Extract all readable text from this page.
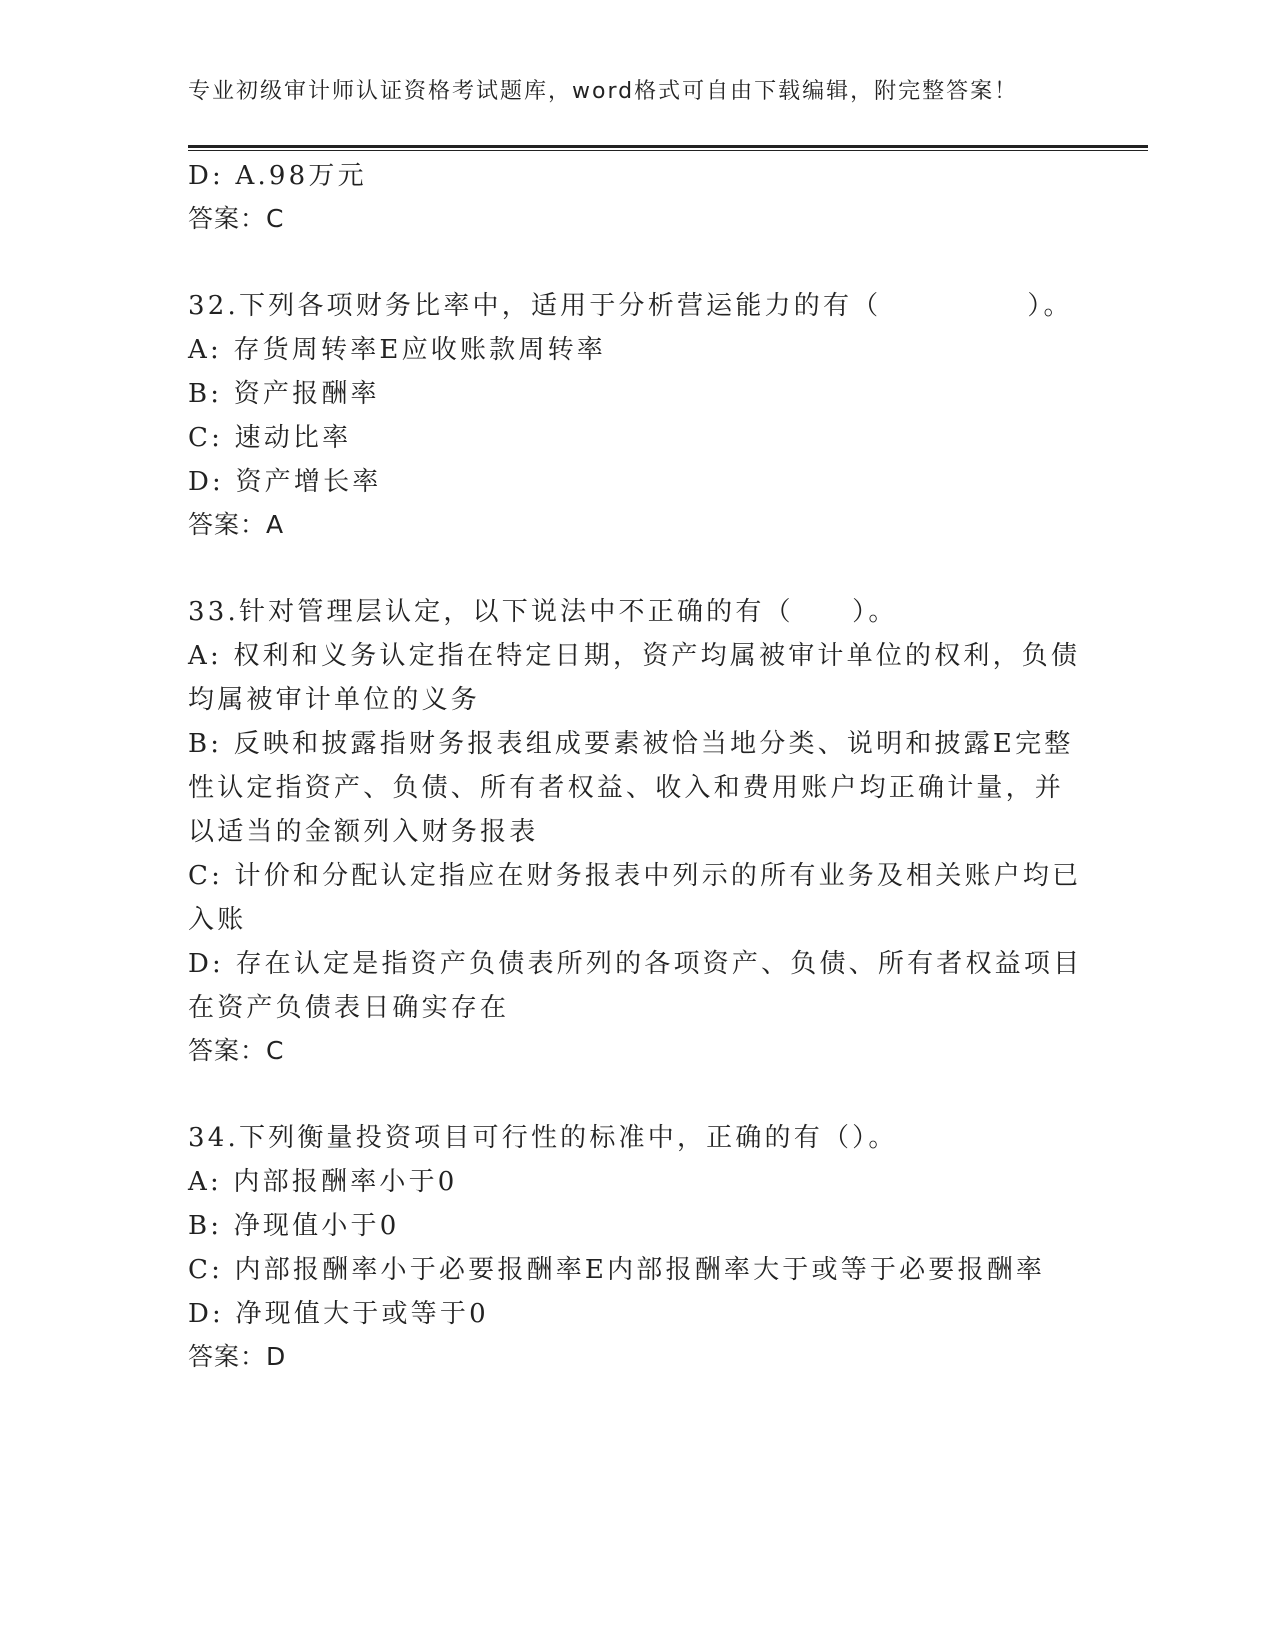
专业初级审计师认证资格考试题库，word格式可自由下载编辑，附完整答案！
D: A.98万元
答案：C
32.下列各项财务比率中，适用于分析营运能力的有（　　　　　）。
A: 存货周转率E应收账款周转率
B: 资产报酬率
C: 速动比率
D: 资产增长率
答案：A
33.针对管理层认定，以下说法中不正确的有（　　）。
A: 权利和义务认定指在特定日期，资产均属被审计单位的权利，负债
均属被审计单位的义务
B: 反映和披露指财务报表组成要素被恰当地分类、说明和披露E完整
性认定指资产、负债、所有者权益、收入和费用账户均正确计量，并
以适当的金额列入财务报表
C: 计价和分配认定指应在财务报表中列示的所有业务及相关账户均已
入账
D: 存在认定是指资产负债表所列的各项资产、负债、所有者权益项目
在资产负债表日确实存在
答案：C
34.下列衡量投资项目可行性的标准中，正确的有（）。
A: 内部报酬率小于0
B: 净现值小于0
C: 内部报酬率小于必要报酬率E内部报酬率大于或等于必要报酬率
D: 净现值大于或等于0
答案：D
